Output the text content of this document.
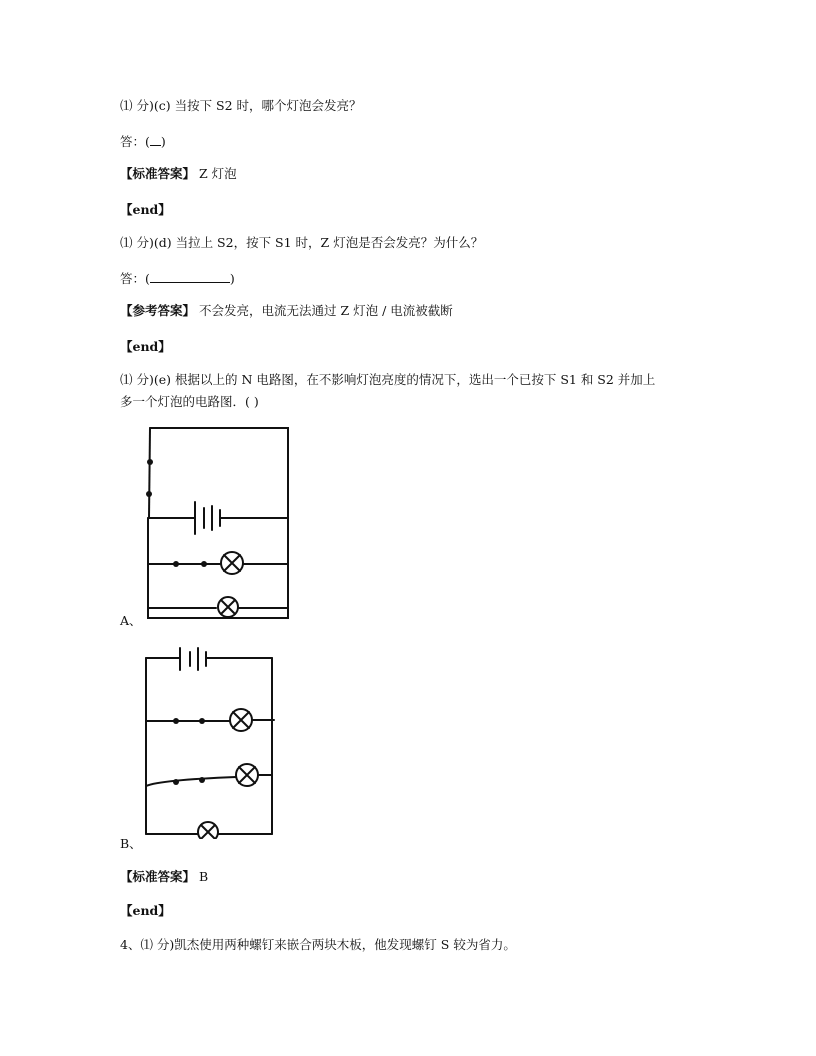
⑴ 分)(c) 当按下 S2 时，哪个灯泡会发亮？
答：( )
【标准答案】 Z 灯泡
【end】
⑴ 分)(d) 当拉上 S2，按下 S1 时，Z 灯泡是否会发亮？为什么？
答：(	)
【参考答案】 不会发亮，电流无法通过 Z 灯泡 / 电流被截断
【end】
⑴ 分)(e) 根据以上的 N 电路图，在不影响灯泡亮度的情况下，选出一个已按下 S1 和 S2 并加上
多一个灯泡的电路图．( )
A、
B、
【标准答案】 B
【end】
4、⑴ 分)凯杰使用两种螺钉来嵌合两块木板，他发现螺钉 S 较为省力。
